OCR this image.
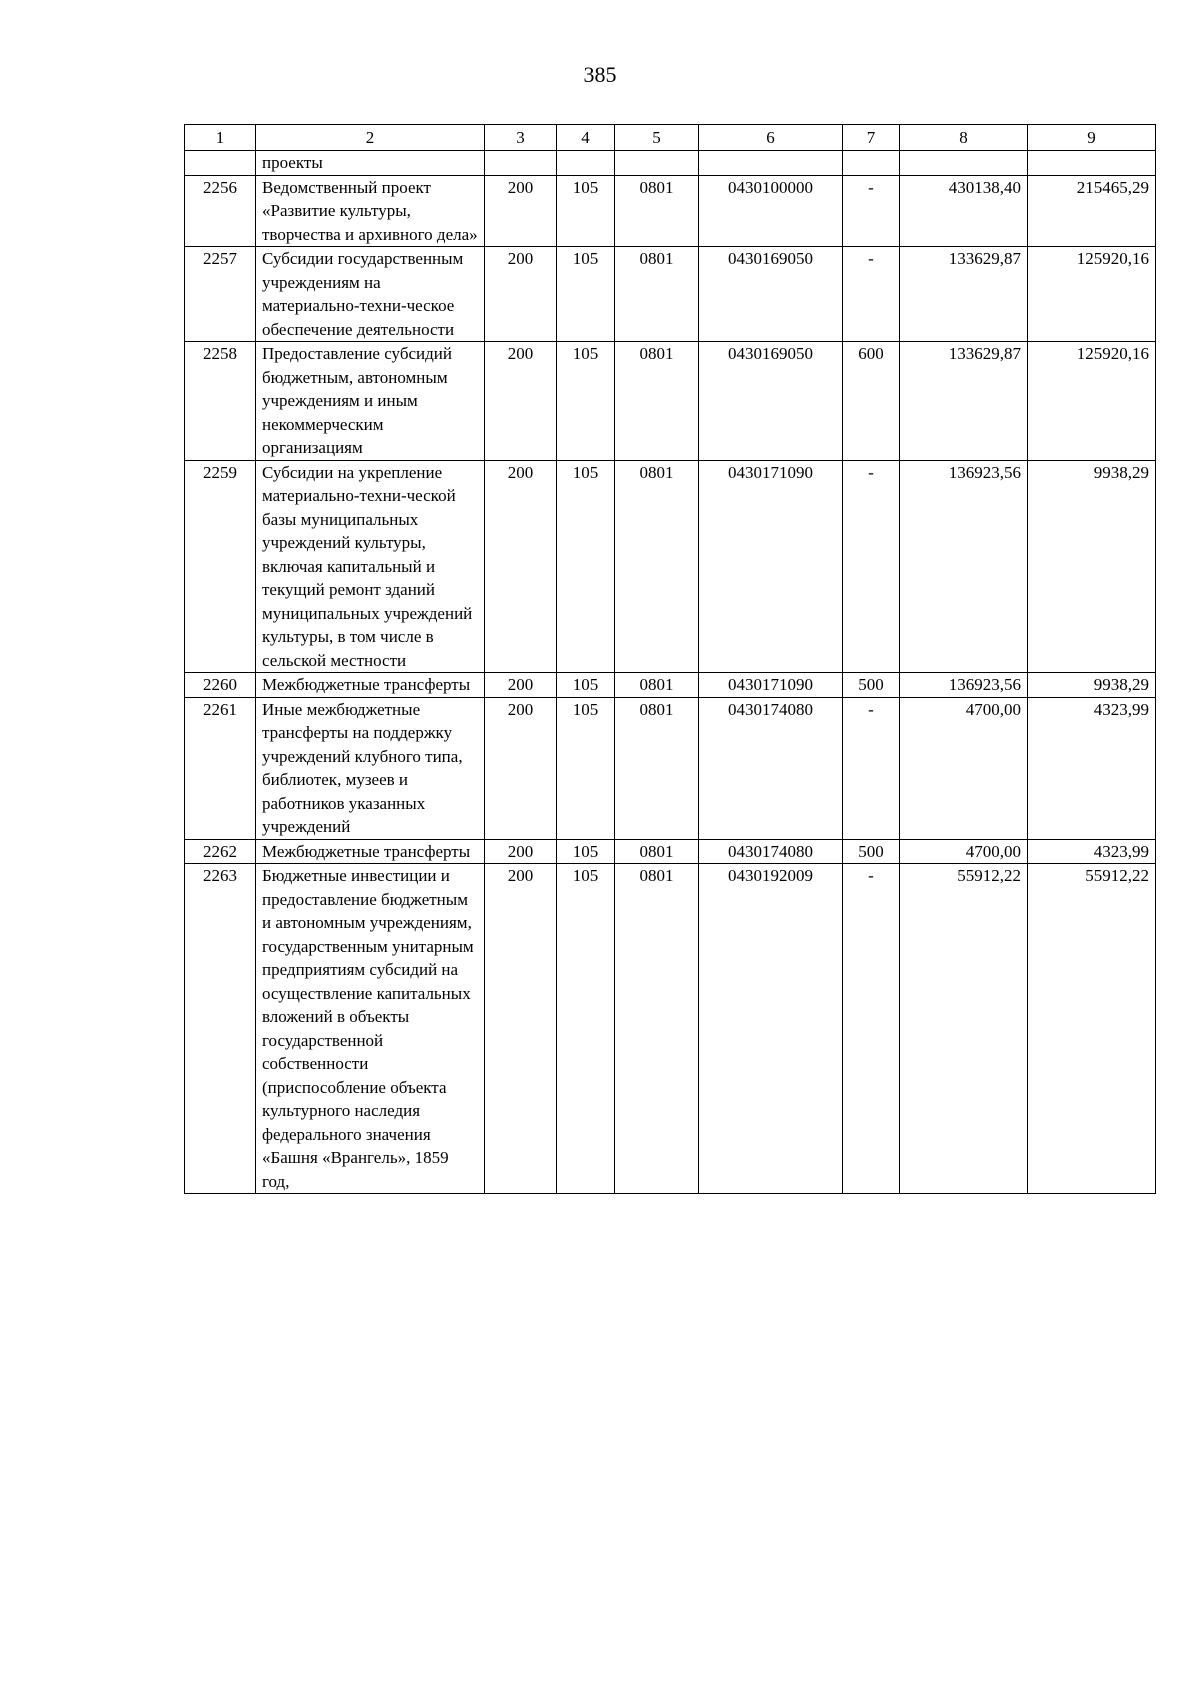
385
1	2	3	4	5	6	7	8	9
	проекты							
2256	Ведомственный проект «Развитие культуры, творчества и архивного дела»	200	105	0801	0430100000	-	430138,40	215465,29
2257	Субсидии государственным учреждениям на материально-техни-ческое обеспечение деятельности	200	105	0801	0430169050	-	133629,87	125920,16
2258	Предоставление субсидий бюджетным, автономным учреждениям и иным некоммерческим организациям	200	105	0801	0430169050	600	133629,87	125920,16
2259	Субсидии на укрепление материально-техни-ческой базы муниципальных учреждений культуры, включая капитальный и текущий ремонт зданий муниципальных учреждений культуры, в том числе в сельской местности	200	105	0801	0430171090	-	136923,56	9938,29
2260	Межбюджетные трансферты	200	105	0801	0430171090	500	136923,56	9938,29
2261	Иные межбюджетные трансферты на поддержку учреждений клубного типа, библиотек, музеев и работников указанных учреждений	200	105	0801	0430174080	-	4700,00	4323,99
2262	Межбюджетные трансферты	200	105	0801	0430174080	500	4700,00	4323,99
2263	Бюджетные инвестиции и предоставление бюджетным и автономным учреждениям, государственным унитарным предприятиям субсидий на осуществление капитальных вложений в объекты государственной собственности (приспособление объекта культурного наследия федерального значения «Башня «Врангель», 1859 год,	200	105	0801	0430192009	-	55912,22	55912,22
